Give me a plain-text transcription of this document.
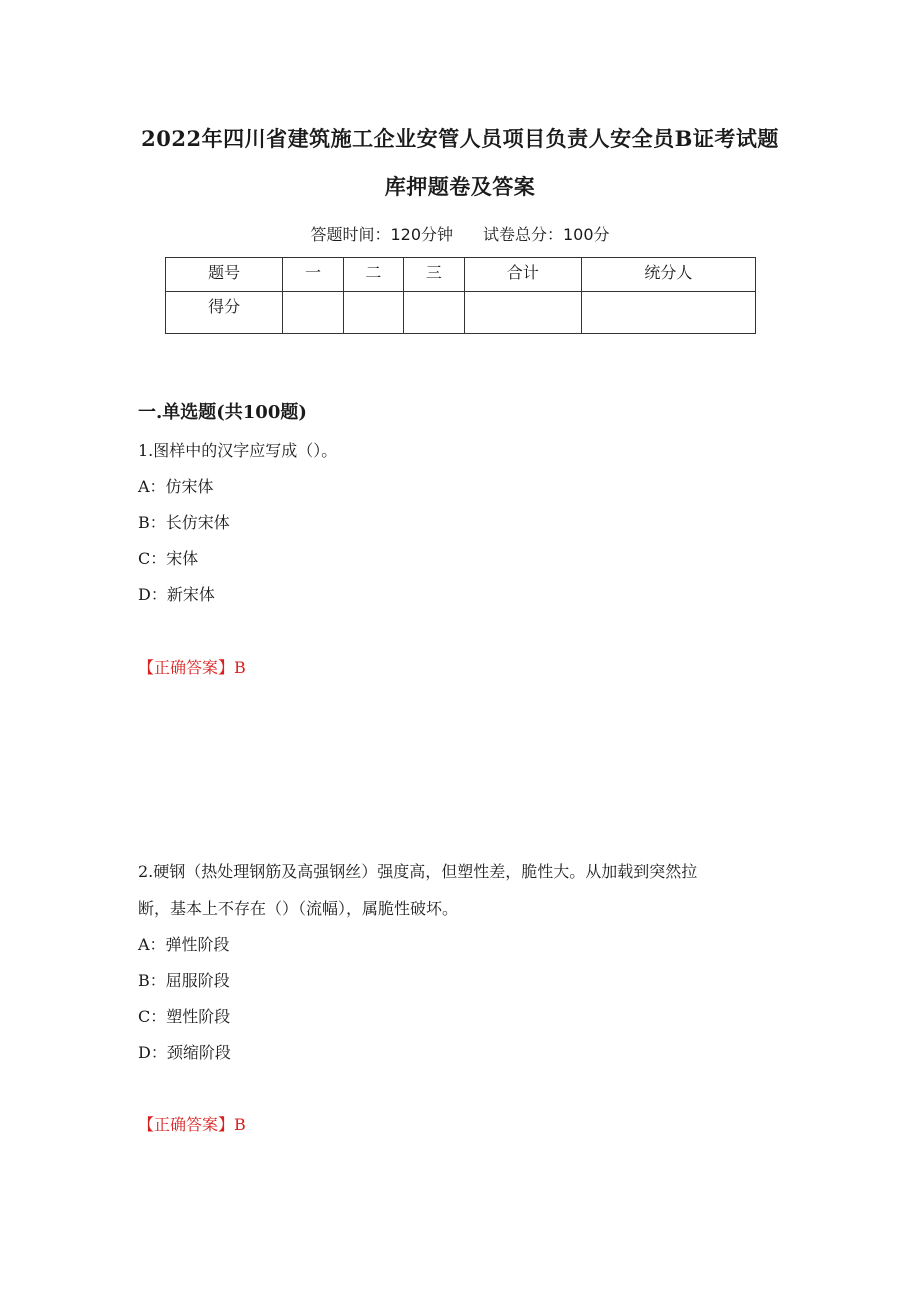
2022年四川省建筑施工企业安管人员项目负责人安全员B证考试题
库押题卷及答案
答题时间：120分钟 试卷总分：100分
题号	一	二	三	合计	统分人
得分					
一.单选题(共100题)
1.图样中的汉字应写成（）。
A：仿宋体
B：长仿宋体
C：宋体
D：新宋体
【正确答案】B
2.硬钢（热处理钢筋及高强钢丝）强度高，但塑性差，脆性大。从加载到突然拉
断，基本上不存在（）（流幅），属脆性破坏。
A：弹性阶段
B：屈服阶段
C：塑性阶段
D：颈缩阶段
【正确答案】B
